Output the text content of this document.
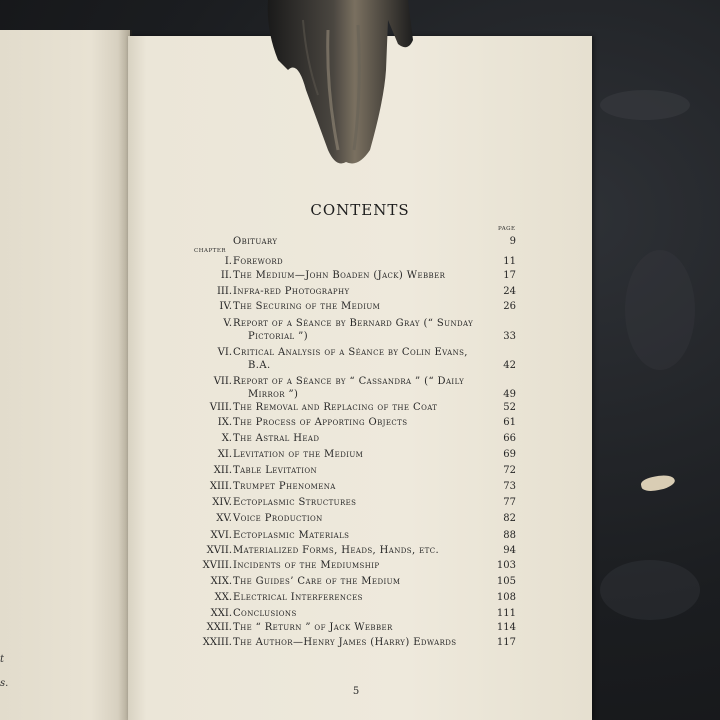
t
s.
CONTENTS
PAGE
CHAPTER
Obituary	9
I. Foreword	11
II. The Medium—John Boaden (Jack) Webber	17
III. Infra-red Photography	24
IV. The Securing of the Medium	26
V. Report of a Séance by Bernard Gray (“ Sunday
Pictorial ”)	33
VI. Critical Analysis of a Séance by Colin Evans,
B.A.	42
VII. Report of a Séance by “ Cassandra ” (“ Daily
Mirror ”)	49
VIII. The Removal and Replacing of the Coat	52
IX. The Process of Apporting Objects	61
X. The Astral Head	66
XI. Levitation of the Medium	69
XII. Table Levitation	72
XIII. Trumpet Phenomena	73
XIV. Ectoplasmic Structures	77
XV. Voice Production	82
XVI. Ectoplasmic Materials	88
XVII. Materialized Forms, Heads, Hands, etc.	94
XVIII. Incidents of the Mediumship	103
XIX. The Guides’ Care of the Medium	105
XX. Electrical Interferences	108
XXI. Conclusions	111
XXII. The “ Return ” of Jack Webber	114
XXIII. The Author—Henry James (Harry) Edwards	117
5
